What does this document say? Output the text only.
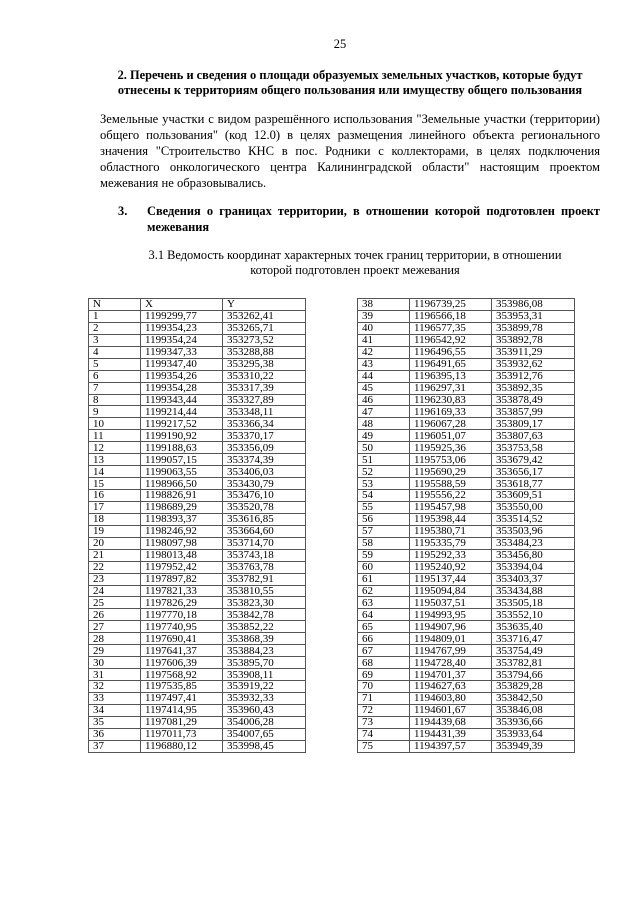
25
2. Перечень и сведения о площади образуемых земельных участков, которые будут отнесены к территориям общего пользования или имуществу общего пользования
Земельные участки с видом разрешённого использования "Земельные участки (территории) общего пользования" (код 12.0) в целях размещения линейного объекта регионального значения "Строительство КНС в пос. Родники с коллекторами, в целях подключения областного онкологического центра Калининградской области" настоящим проектом межевания не образовывались.
3. Сведения о границах территории, в отношении которой подготовлен проект межевания
3.1 Ведомость координат характерных точек границ территории, в отношении которой подготовлен проект межевания
N	X	Y
1	1199299,77	353262,41
2	1199354,23	353265,71
3	1199354,24	353273,52
4	1199347,33	353288,88
5	1199347,40	353295,38
6	1199354,26	353310,22
7	1199354,28	353317,39
8	1199343,44	353327,89
9	1199214,44	353348,11
10	1199217,52	353366,34
11	1199190,92	353370,17
12	1199188,63	353356,09
13	1199057,15	353374,39
14	1199063,55	353406,03
15	1198966,50	353430,79
16	1198826,91	353476,10
17	1198689,29	353520,78
18	1198393,37	353616,85
19	1198246,92	353664,60
20	1198097,98	353714,70
21	1198013,48	353743,18
22	1197952,42	353763,78
23	1197897,82	353782,91
24	1197821,33	353810,55
25	1197826,29	353823,30
26	1197770,18	353842,78
27	1197740,95	353852,22
28	1197690,41	353868,39
29	1197641,37	353884,23
30	1197606,39	353895,70
31	1197568,92	353908,11
32	1197535,85	353919,22
33	1197497,41	353932,33
34	1197414,95	353960,43
35	1197081,29	354006,28
36	1197011,73	354007,65
37	1196880,12	353998,45
38	1196739,25	353986,08
39	1196566,18	353953,31
40	1196577,35	353899,78
41	1196542,92	353892,78
42	1196496,55	353911,29
43	1196491,65	353932,62
44	1196395,13	353912,76
45	1196297,31	353892,35
46	1196230,83	353878,49
47	1196169,33	353857,99
48	1196067,28	353809,17
49	1196051,07	353807,63
50	1195925,36	353753,58
51	1195753,06	353679,42
52	1195690,29	353656,17
53	1195588,59	353618,77
54	1195556,22	353609,51
55	1195457,98	353550,00
56	1195398,44	353514,52
57	1195380,71	353503,96
58	1195335,79	353484,23
59	1195292,33	353456,80
60	1195240,92	353394,04
61	1195137,44	353403,37
62	1195094,84	353434,88
63	1195037,51	353505,18
64	1194993,95	353552,10
65	1194907,96	353635,40
66	1194809,01	353716,47
67	1194767,99	353754,49
68	1194728,40	353782,81
69	1194701,37	353794,66
70	1194627,63	353829,28
71	1194603,80	353842,50
72	1194601,67	353846,08
73	1194439,68	353936,66
74	1194431,39	353933,64
75	1194397,57	353949,39
